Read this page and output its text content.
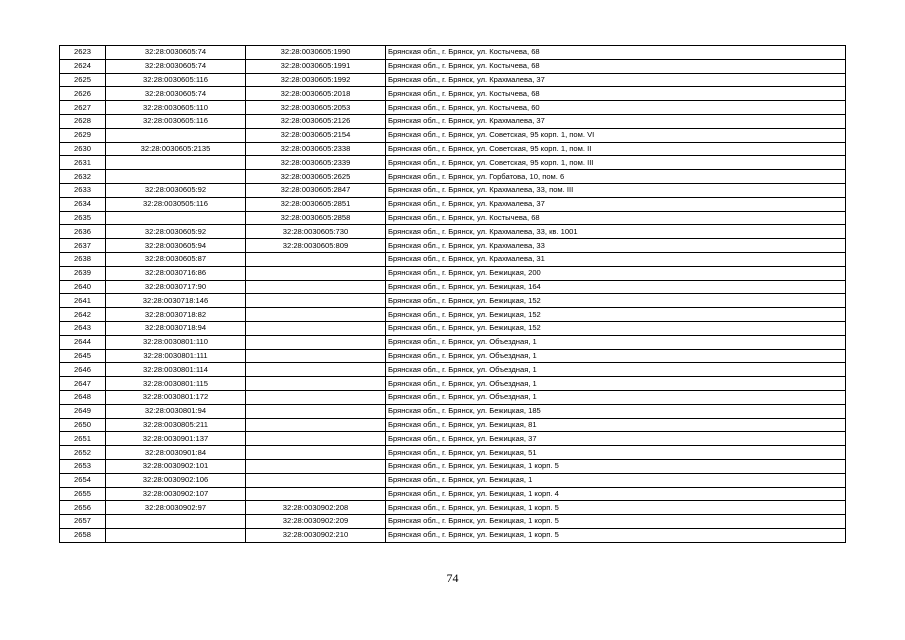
2623	32:28:0030605:74	32:28:0030605:1990	Брянская обл., г. Брянск, ул. Костычева, 68
2624	32:28:0030605:74	32:28:0030605:1991	Брянская обл., г. Брянск, ул. Костычева, 68
2625	32:28:0030605:116	32:28:0030605:1992	Брянская обл., г. Брянск, ул. Крахмалева, 37
2626	32:28:0030605:74	32:28:0030605:2018	Брянская обл., г. Брянск, ул. Костычева, 68
2627	32:28:0030605:110	32:28:0030605:2053	Брянская обл., г. Брянск, ул. Костычева, 60
2628	32:28:0030605:116	32:28:0030605:2126	Брянская обл., г. Брянск, ул. Крахмалева, 37
2629		32:28:0030605:2154	Брянская обл., г. Брянск, ул. Советская, 95 корп. 1, пом. VI
2630	32:28:0030605:2135	32:28:0030605:2338	Брянская обл., г. Брянск, ул. Советская, 95 корп. 1, пом. II
2631		32:28:0030605:2339	Брянская обл., г. Брянск, ул. Советская, 95 корп. 1, пом. III
2632		32:28:0030605:2625	Брянская обл., г. Брянск, ул. Горбатова, 10, пом. 6
2633	32:28:0030605:92	32:28:0030605:2847	Брянская обл., г. Брянск, ул. Крахмалева, 33, пом. III
2634	32:28:0030505:116	32:28:0030605:2851	Брянская обл., г. Брянск, ул. Крахмалева, 37
2635		32:28:0030605:2858	Брянская обл., г. Брянск, ул. Костычева, 68
2636	32:28:0030605:92	32:28:0030605:730	Брянская обл., г. Брянск, ул. Крахмалева, 33, кв. 1001
2637	32:28:0030605:94	32:28:0030605:809	Брянская обл., г. Брянск, ул. Крахмалева, 33
2638	32:28:0030605:87		Брянская обл., г. Брянск, ул. Крахмалева, 31
2639	32:28:0030716:86		Брянская обл., г. Брянск, ул. Бежицкая, 200
2640	32:28:0030717:90		Брянская обл., г. Брянск, ул. Бежицкая, 164
2641	32:28:0030718:146		Брянская обл., г. Брянск, ул. Бежицкая, 152
2642	32:28:0030718:82		Брянская обл., г. Брянск, ул. Бежицкая, 152
2643	32:28:0030718:94		Брянская обл., г. Брянск, ул. Бежицкая, 152
2644	32:28:0030801:110		Брянская обл., г. Брянск, ул. Объездная, 1
2645	32:28:0030801:111		Брянская обл., г. Брянск, ул. Объездная, 1
2646	32:28:0030801:114		Брянская обл., г. Брянск, ул. Объездная, 1
2647	32:28:0030801:115		Брянская обл., г. Брянск, ул. Объездная, 1
2648	32:28:0030801:172		Брянская обл., г. Брянск, ул. Объездная, 1
2649	32:28:0030801:94		Брянская обл., г. Брянск, ул. Бежицкая, 185
2650	32:28:0030805:211		Брянская обл., г. Брянск, ул. Бежицкая, 81
2651	32:28:0030901:137		Брянская обл., г. Брянск, ул. Бежицкая, 37
2652	32:28:0030901:84		Брянская обл., г. Брянск, ул. Бежицкая, 51
2653	32:28:0030902:101		Брянская обл., г. Брянск, ул. Бежицкая, 1 корп. 5
2654	32:28:0030902:106		Брянская обл., г. Брянск, ул. Бежицкая, 1
2655	32:28:0030902:107		Брянская обл., г. Брянск, ул. Бежицкая, 1 корп. 4
2656	32:28:0030902:97	32:28:0030902:208	Брянская обл., г. Брянск, ул. Бежицкая, 1 корп. 5
2657		32:28:0030902:209	Брянская обл., г. Брянск, ул. Бежицкая, 1 корп. 5
2658		32:28:0030902:210	Брянская обл., г. Брянск, ул. Бежицкая, 1 корп. 5
74
